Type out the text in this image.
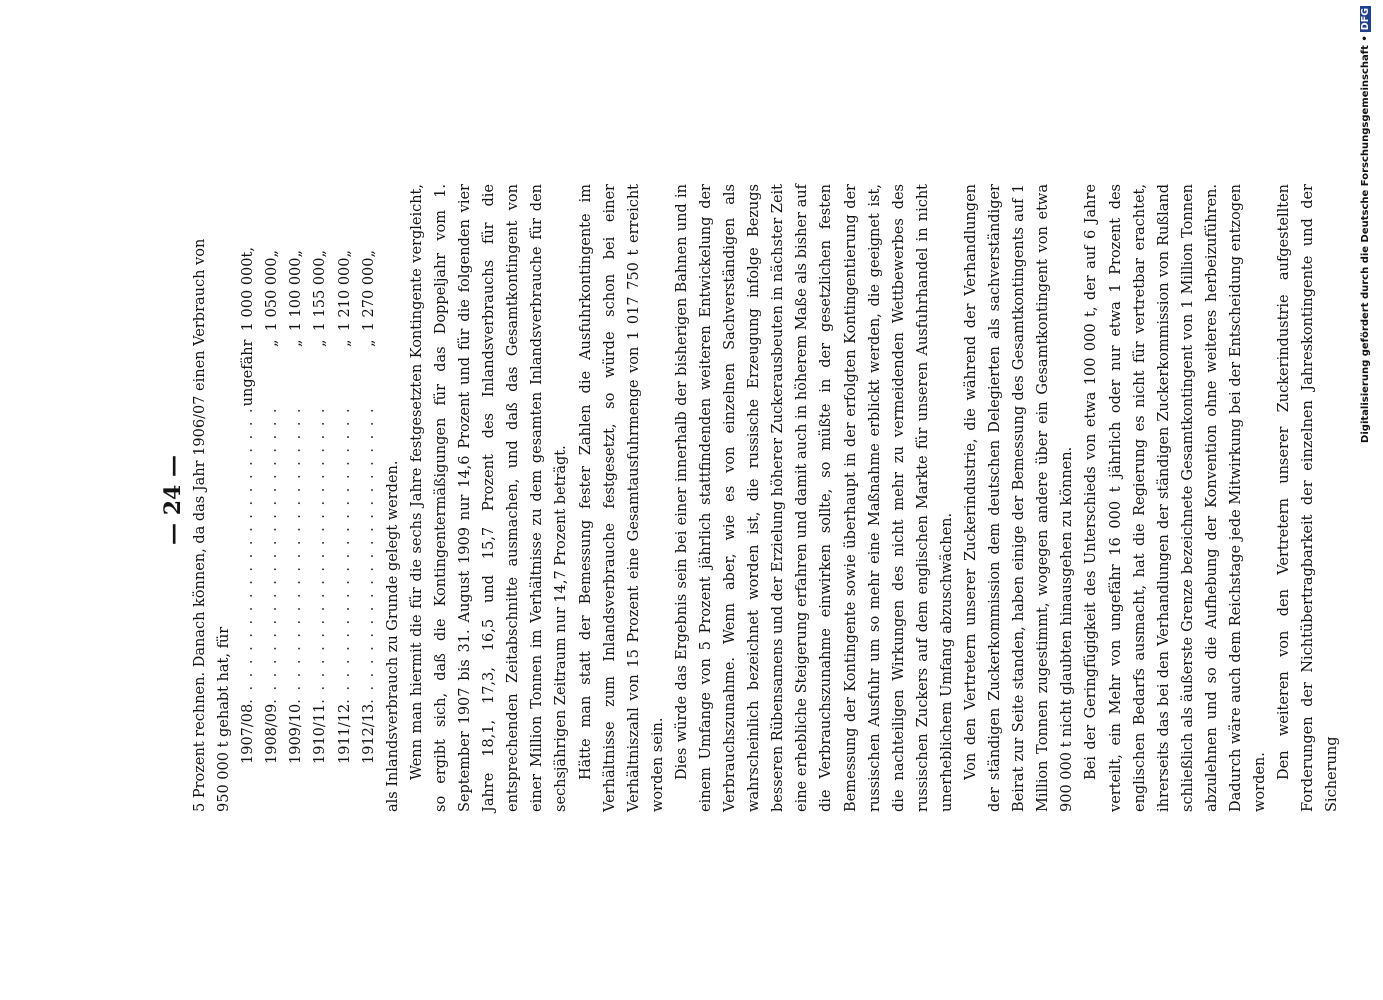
— 24 — 5 Prozent rechnen. Danach können, da das Jahr 1906/07 einen Verbrauch von 950 000 t gehabt hat, für 1907/08	. . . . . . . . . . . . . . . . . . . . . . .	ungefähr	1 000 000	t,
1908/09	. . . . . . . . . . . . . . . . . . . . . . .	„	1 050 000	„
1909/10	. . . . . . . . . . . . . . . . . . . . . . .	„	1 100 000	„
1910/11	. . . . . . . . . . . . . . . . . . . . . . .	„	1 155 000	„
1911/12	. . . . . . . . . . . . . . . . . . . . . . .	„	1 210 000	„
1912/13	. . . . . . . . . . . . . . . . . . . . . . .	„	1 270 000	„

als Inlandsverbrauch zu Grunde gelegt werden. Wenn man hiermit die für die sechs Jahre festgesetzten Kontingente vergleicht, so ergibt sich, daß die Kontingentermäßigungen für das Doppeljahr vom 1. September 1907 bis 31. August 1909 nur 14,6 Prozent und für die folgenden vier Jahre 18,1, 17,3, 16,5 und 15,7 Prozent des Inlandsverbrauchs für die entsprechenden Zeitabschnitte ausmachen, und daß das Gesamtkontingent von einer Million Tonnen im Verhältnisse zu dem gesamten Inlandsverbrauche für den sechsjährigen Zeitraum nur 14,7 Prozent beträgt. Hätte man statt der Bemessung fester Zahlen die Ausfuhrkontingente im Verhältnisse zum Inlandsverbrauche festgesetzt, so würde schon bei einer Verhältniszahl von 15 Prozent eine Gesamtausfuhrmenge von 1 017 750 t erreicht worden sein. Dies würde das Ergebnis sein bei einer innerhalb der bisherigen Bahnen und in einem Umfange von 5 Prozent jährlich stattfindenden weiteren Entwickelung der Verbrauchszunahme. Wenn aber, wie es von einzelnen Sachverständigen als wahrscheinlich bezeichnet worden ist, die russische Erzeugung infolge Bezugs besseren Rübensamens und der Erzielung höherer Zuckerausbeuten in nächster Zeit eine erhebliche Steigerung erfahren und damit auch in höherem Maße als bisher auf die Verbrauchszunahme einwirken sollte, so müßte in der gesetzlichen festen Bemessung der Kontingente sowie überhaupt in der erfolgten Kontingentierung der russischen Ausfuhr um so mehr eine Maßnahme erblickt werden, die geeignet ist, die nachteiligen Wirkungen des nicht mehr zu vermeidenden Wettbewerbes des russischen Zuckers auf dem englischen Markte für unseren Ausfuhrhandel in nicht unerheblichem Umfang abzuschwächen. Von den Vertretern unserer Zuckerindustrie, die während der Verhandlungen der ständigen Zuckerkommission dem deutschen Delegierten als sachverständiger Beirat zur Seite standen, haben einige der Bemessung des Gesamtkontingents auf 1 Million Tonnen zugestimmt, wogegen andere über ein Gesamtkontingent von etwa 900 000 t nicht glaubten hinausgehen zu können. Bei der Geringfügigkeit des Unterschieds von etwa 100 000 t, der auf 6 Jahre verteilt, ein Mehr von ungefähr 16 000 t jährlich oder nur etwa 1 Prozent des englischen Bedarfs ausmacht, hat die Regierung es nicht für vertretbar erachtet, ihrerseits das bei den Verhandlungen der ständigen Zuckerkommission von Rußland schließlich als äußerste Grenze bezeichnete Gesamtkontingent von 1 Million Tonnen abzulehnen und so die Aufhebung der Konvention ohne weiteres herbeizuführen. Dadurch wäre auch dem Reichstage jede Mitwirkung bei der Entscheidung entzogen worden.

Den weiteren von den Vertretern unserer Zuckerindustrie aufgestellten Forderungen der Nichtübertragbarkeit der einzelnen Jahreskontingente und der Sicherung

Digitalisierung gefördert durch die Deutsche Forschungsgemeinschaft •DFG
